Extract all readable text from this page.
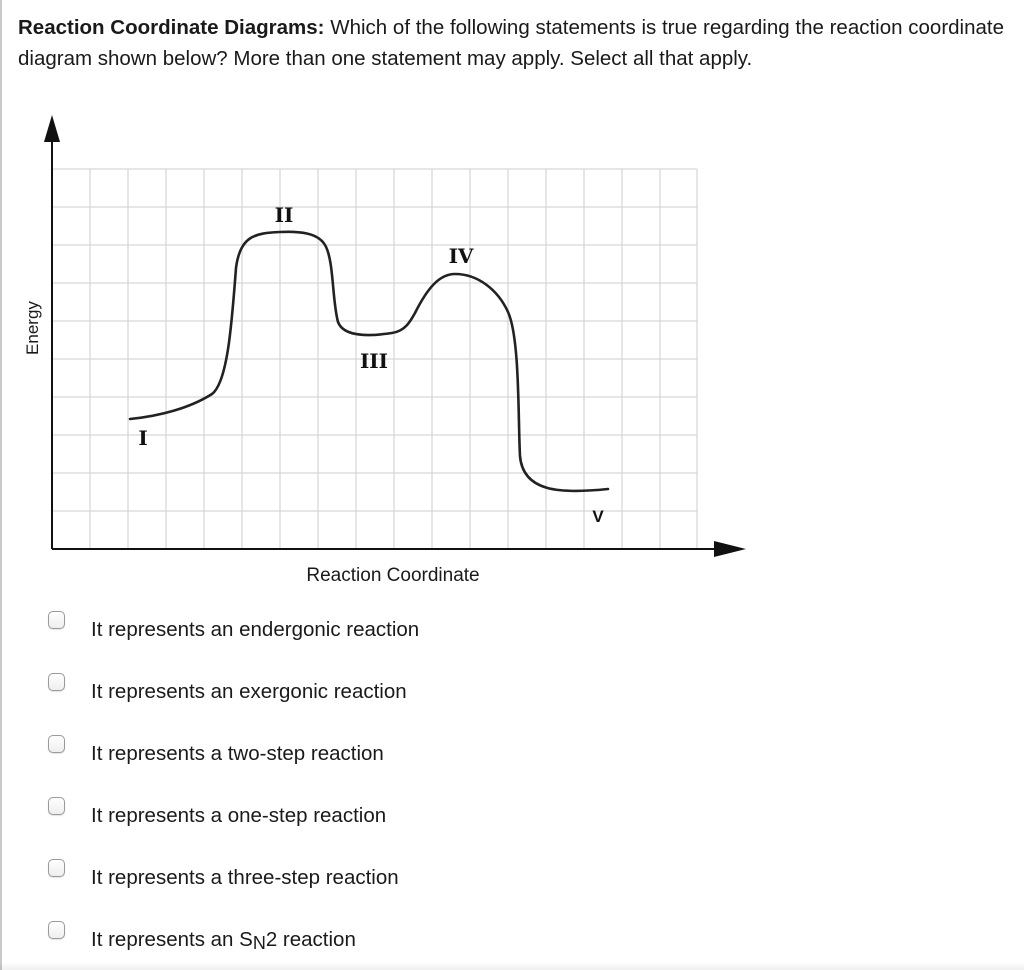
Reaction Coordinate Diagrams: Which of the following statements is true regarding the reaction coordinate diagram shown below? More than one statement may apply. Select all that apply.
I
II
III
IV
V
Energy
Reaction Coordinate
It represents an endergonic reaction
It represents an exergonic reaction
It represents a two-step reaction
It represents a one-step reaction
It represents a three-step reaction
It represents an SN2 reaction
